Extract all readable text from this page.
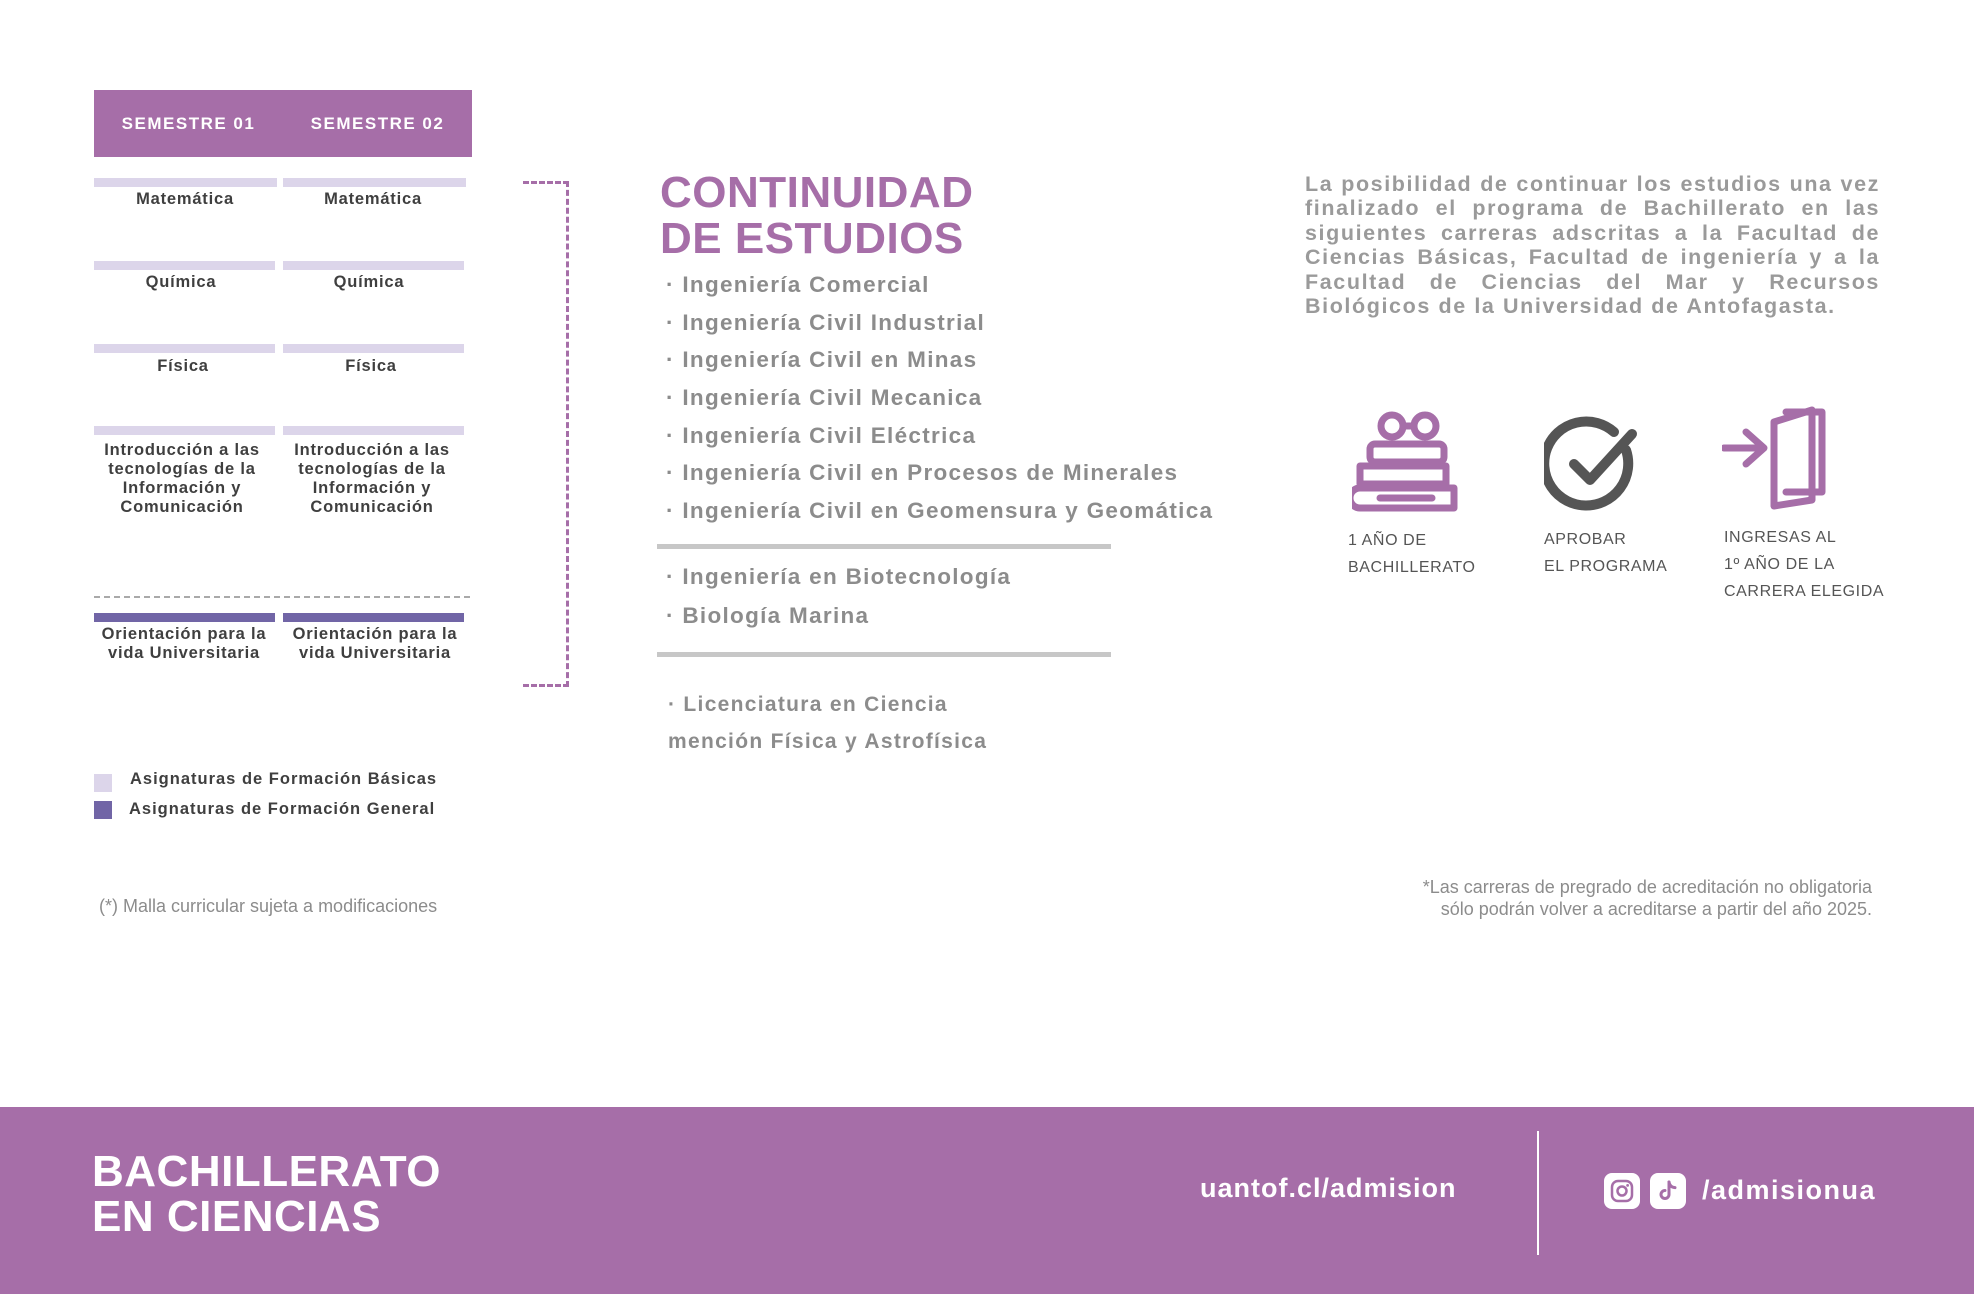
SEMESTRE 01	SEMESTRE 02
Matemática
Química
Física
Introducción a las tecnologías de la Información y Comunicación
Orientación para la vida Universitaria
Matemática
Química
Física
Introducción a las tecnologías de la Información y Comunicación
Orientación para la vida Universitaria
Asignaturas de Formación Básicas
Asignaturas de Formación General
(*) Malla curricular sujeta a modificaciones
CONTINUIDAD
DE ESTUDIOS
· Ingeniería Comercial
· Ingeniería Civil Industrial
· Ingeniería Civil en Minas
· Ingeniería Civil Mecanica
· Ingeniería Civil Eléctrica
· Ingeniería Civil en Procesos de Minerales
· Ingeniería Civil en Geomensura y Geomática
· Ingeniería en Biotecnología
· Biología Marina
· Licenciatura en Ciencia
mención Física y Astrofísica
La posibilidad de continuar los estudios una vez finalizado el programa de Bachillerato en las siguientes carreras adscritas a la Facultad de Ciencias Básicas, Facultad de ingeniería y a la Facultad de Ciencias del Mar y Recursos Biológicos de la Universidad de Antofagasta.
1 AÑO DE
BACHILLERATO
APROBAR
EL PROGRAMA
INGRESAS AL
1º AÑO DE LA
CARRERA ELEGIDA
*Las carreras de pregrado de acreditación no obligatoria
sólo podrán volver a acreditarse a partir del año 2025.
BACHILLERATO
EN CIENCIAS
uantof.cl/admision	/admisionua
